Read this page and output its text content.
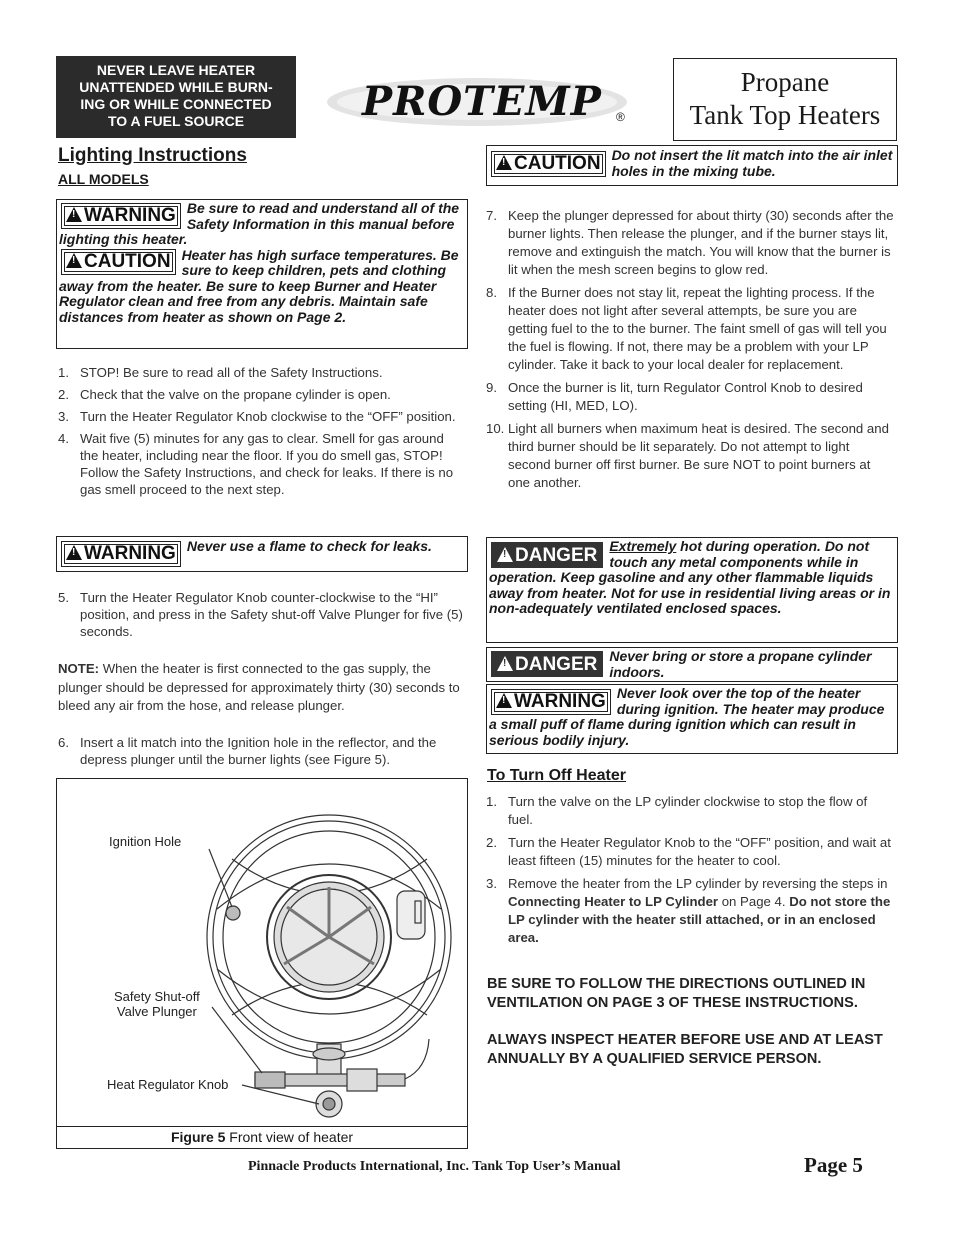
NEVER LEAVE HEATER
UNATTENDED WHILE BURN-
ING OR WHILE CONNECTED
TO A FUEL SOURCE	PROTEMP ®
Propane
Tank Top Heaters
Lighting Instructions
ALL MODELS
!WARNING Be sure to read and understand all of the Safety Information in this manual before lighting this heater.
!CAUTION Heater has high surface temperatures. Be sure to keep children, pets and clothing away from the heater. Be sure to keep Burner and Heater Regulator clean and free from any debris. Maintain safe distances from heater as shown on Page 2.
1. STOP! Be sure to read all of the Safety Instructions.
2. Check that the valve on the propane cylinder is open.
3. Turn the Heater Regulator Knob clockwise to the “OFF” position.
4. Wait five (5) minutes for any gas to clear. Smell for gas around the heater, including near the floor. If you do smell gas, STOP! Follow the Safety Instructions, and check for leaks. If there is no gas smell proceed to the next step.
!WARNING Never use a flame to check for leaks.
5. Turn the Heater Regulator Knob counter-clockwise to the “HI” position, and press in the Safety shut-off Valve Plunger for five (5) seconds.
NOTE: When the heater is first connected to the gas supply, the plunger should be depressed for approximately thirty (30) seconds to bleed any air from the hose, and release plunger.
6. Insert a lit match into the Ignition hole in the reflector, and the depress plunger until the burner lights (see Figure 5).
Ignition Hole
Safety Shut-off
Valve Plunger
Heat Regulator Knob
Figure 5 Front view of heater
!CAUTION Do not insert the lit match into the air inlet holes in the mixing tube.
7. Keep the plunger depressed for about thirty (30) seconds after the burner lights. Then release the plunger, and if the burner stays lit, remove and extinguish the match. You will know that the burner is lit when the mesh screen begins to glow red.
8. If the Burner does not stay lit, repeat the lighting process. If the heater does not light after several attempts, be sure you are getting fuel to the to the burner. The faint smell of gas will tell you the fuel is flowing. If not, there may be a problem with your LP cylinder. Take it back to your local dealer for replacement.
9. Once the burner is lit, turn Regulator Control Knob to desired setting (HI, MED, LO).
10. Light all burners when maximum heat is desired. The second and third burner should be lit separately. Do not attempt to light second burner off first burner. Be sure NOT to point burners at one another.
!DANGER Extremely hot during operation. Do not touch any metal components while in operation. Keep gasoline and any other flammable liquids away from heater. Not for use in residential living areas or in non-adequately ventilated enclosed spaces.
!DANGER Never bring or store a propane cylinder indoors.
!WARNING Never look over the top of the heater during ignition. The heater may produce a small puff of flame during ignition which can result in serious bodily injury.
To Turn Off Heater
1. Turn the valve on the LP cylinder clockwise to stop the flow of fuel.
2. Turn the Heater Regulator Knob to the “OFF” position, and wait at least fifteen (15) minutes for the heater to cool.
3. Remove the heater from the LP cylinder by reversing the steps in Connecting Heater to LP Cylinder on Page 4. Do not store the LP cylinder with the heater still attached, or in an enclosed area.
BE SURE TO FOLLOW THE DIRECTIONS OUTLINED IN VENTILATION ON PAGE 3 OF THESE INSTRUCTIONS.
ALWAYS INSPECT HEATER BEFORE USE AND AT LEAST ANNUALLY BY A QUALIFIED SERVICE PERSON.
Pinnacle Products International, Inc. Tank Top User’s Manual	Page 5
